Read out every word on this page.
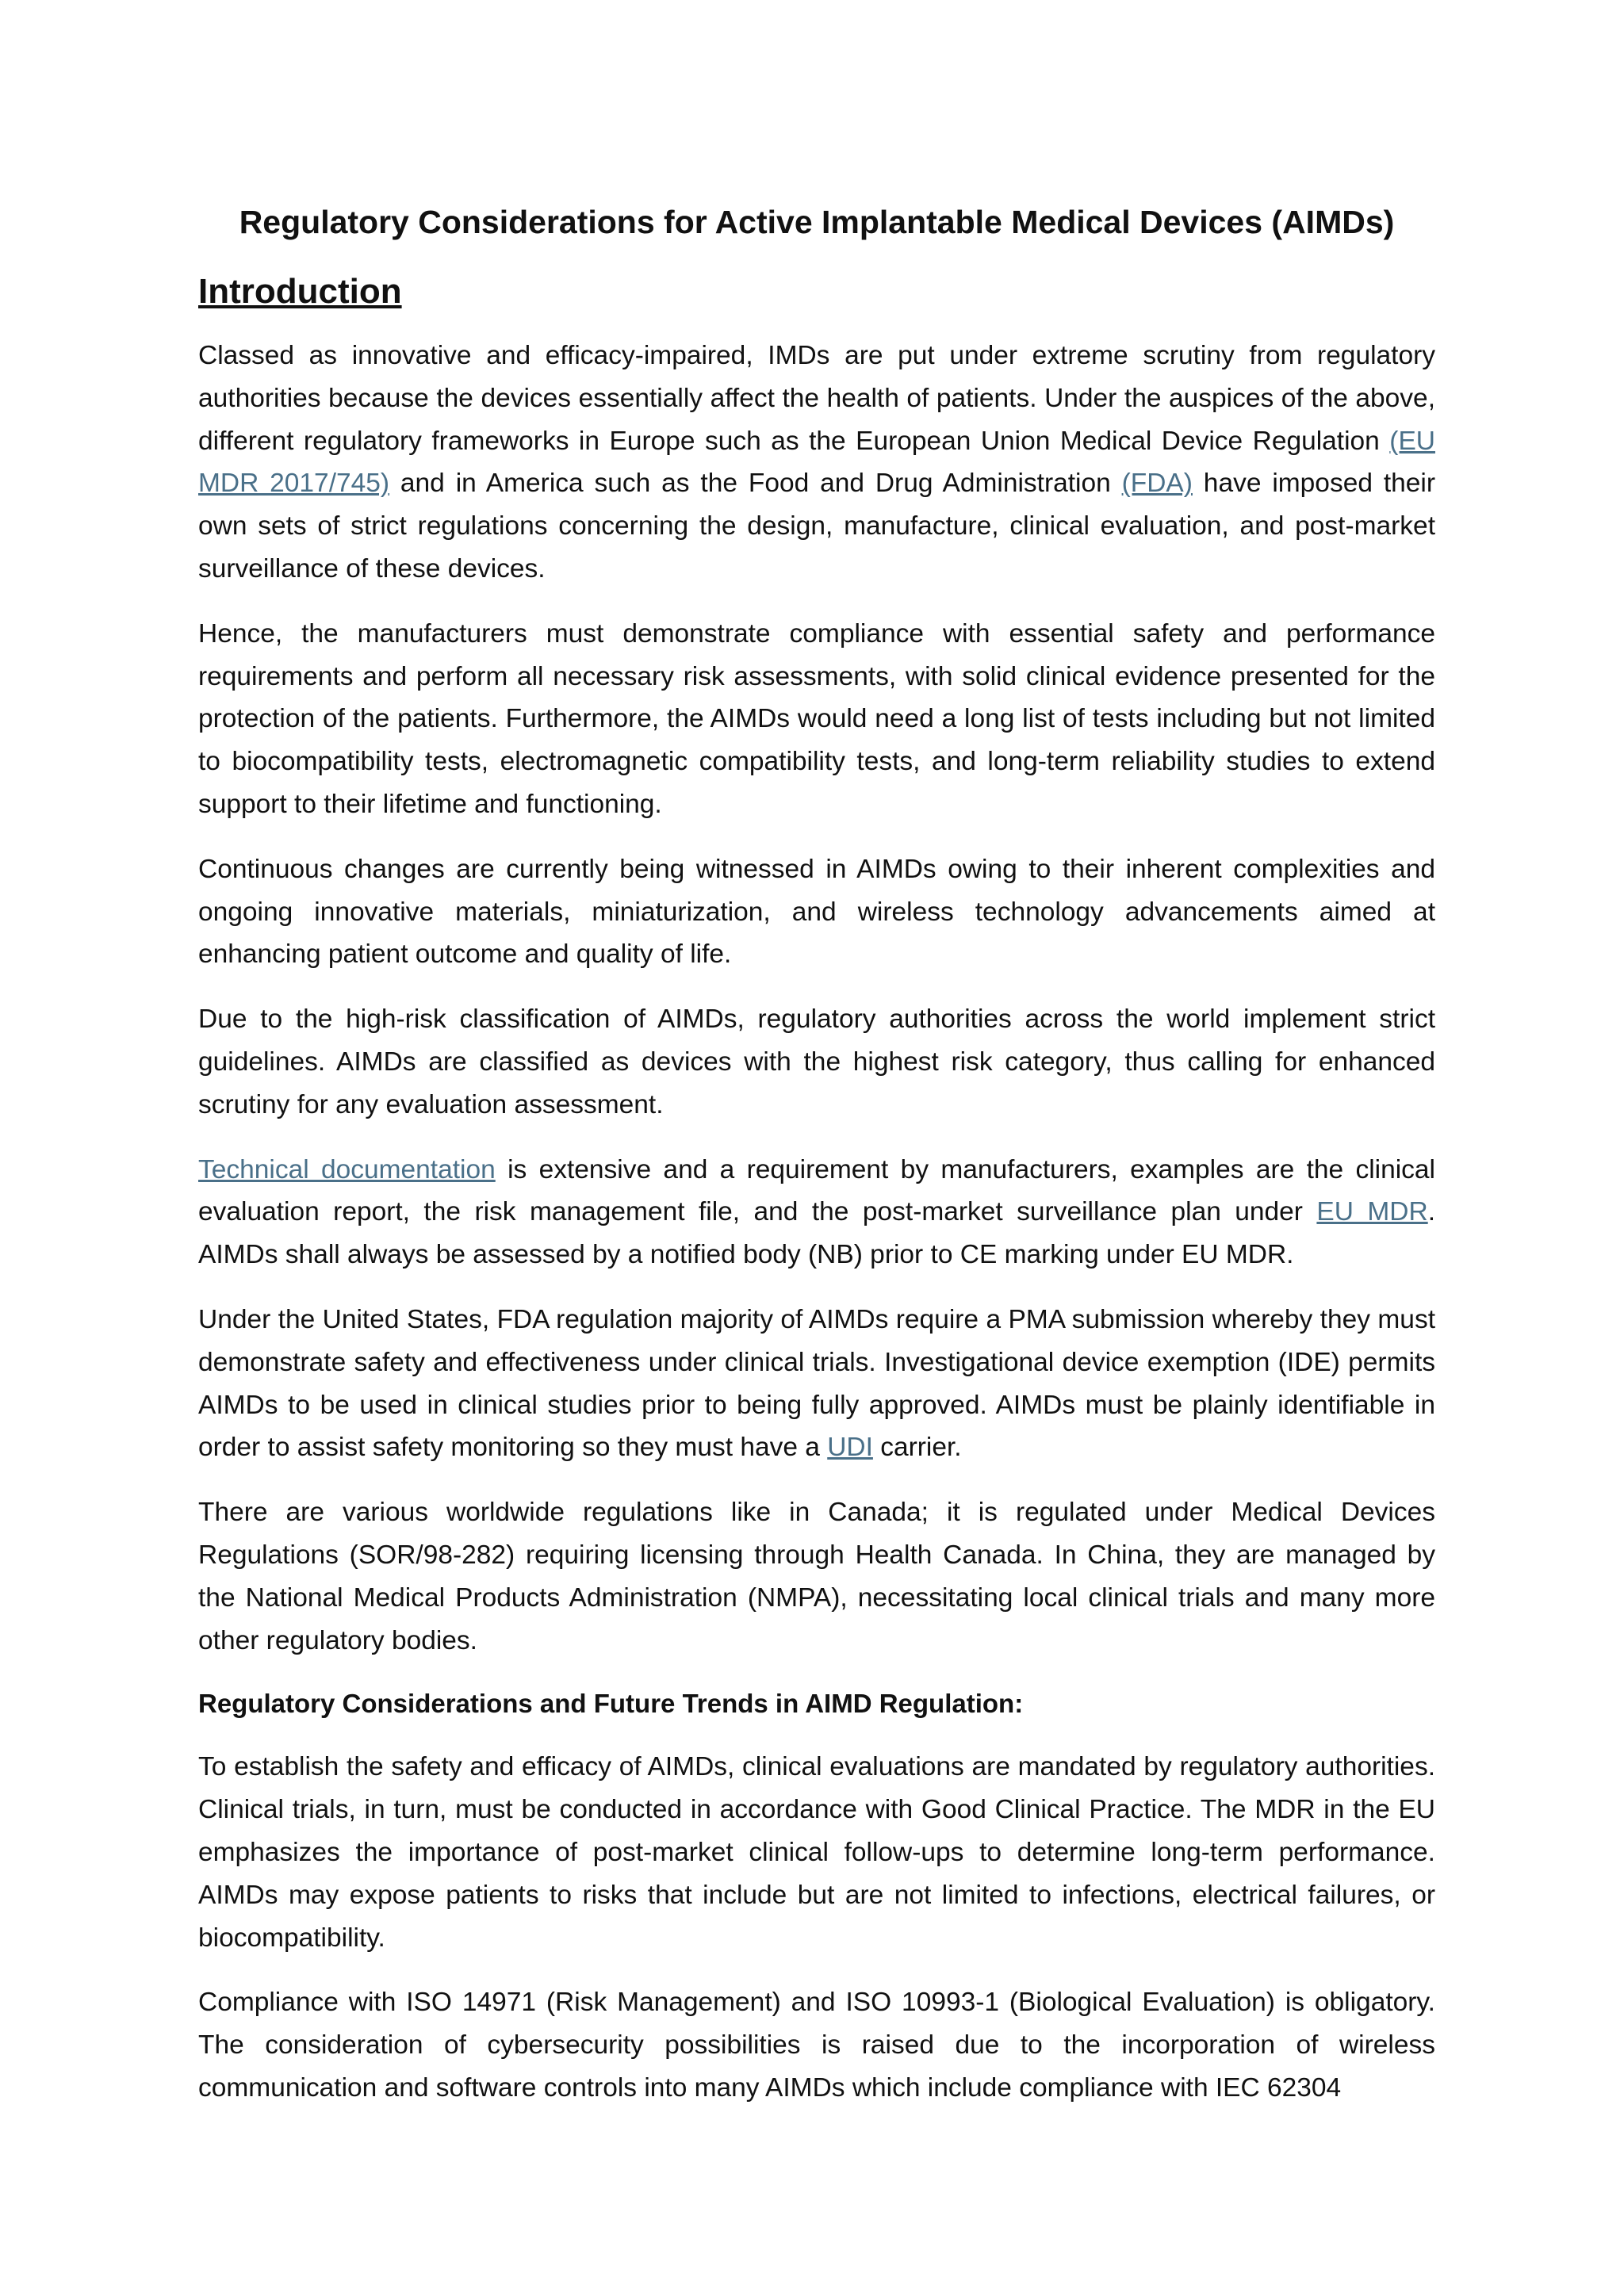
Regulatory Considerations for Active Implantable Medical Devices (AIMDs)
Introduction

Classed as innovative and efficacy-impaired, IMDs are put under extreme scrutiny from regulatory authorities because the devices essentially affect the health of patients. Under the auspices of the above, different regulatory frameworks in Europe such as the European Union Medical Device Regulation (EU MDR 2017/745) and in America such as the Food and Drug Administration (FDA) have imposed their own sets of strict regulations concerning the design, manufacture, clinical evaluation, and post-market surveillance of these devices.

Hence, the manufacturers must demonstrate compliance with essential safety and performance requirements and perform all necessary risk assessments, with solid clinical evidence presented for the protection of the patients. Furthermore, the AIMDs would need a long list of tests including but not limited to biocompatibility tests, electromagnetic compatibility tests, and long-term reliability studies to extend support to their lifetime and functioning.

Continuous changes are currently being witnessed in AIMDs owing to their inherent complexities and ongoing innovative materials, miniaturization, and wireless technology advancements aimed at enhancing patient outcome and quality of life.

Due to the high-risk classification of AIMDs, regulatory authorities across the world implement strict guidelines. AIMDs are classified as devices with the highest risk category, thus calling for enhanced scrutiny for any evaluation assessment.

Technical documentation is extensive and a requirement by manufacturers, examples are the clinical evaluation report, the risk management file, and the post-market surveillance plan under EU MDR. AIMDs shall always be assessed by a notified body (NB) prior to CE marking under EU MDR.

Under the United States, FDA regulation majority of AIMDs require a PMA submission whereby they must demonstrate safety and effectiveness under clinical trials. Investigational device exemption (IDE) permits AIMDs to be used in clinical studies prior to being fully approved. AIMDs must be plainly identifiable in order to assist safety monitoring so they must have a UDI carrier.

There are various worldwide regulations like in Canada; it is regulated under Medical Devices Regulations (SOR/98-282) requiring licensing through Health Canada. In China, they are managed by the National Medical Products Administration (NMPA), necessitating local clinical trials and many more other regulatory bodies.

Regulatory Considerations and Future Trends in AIMD Regulation:

To establish the safety and efficacy of AIMDs, clinical evaluations are mandated by regulatory authorities. Clinical trials, in turn, must be conducted in accordance with Good Clinical Practice. The MDR in the EU emphasizes the importance of post-market clinical follow-ups to determine long-term performance. AIMDs may expose patients to risks that include but are not limited to infections, electrical failures, or biocompatibility.

Compliance with ISO 14971 (Risk Management) and ISO 10993-1 (Biological Evaluation) is obligatory. The consideration of cybersecurity possibilities is raised due to the incorporation of wireless communication and software controls into many AIMDs which include compliance with IEC 62304
